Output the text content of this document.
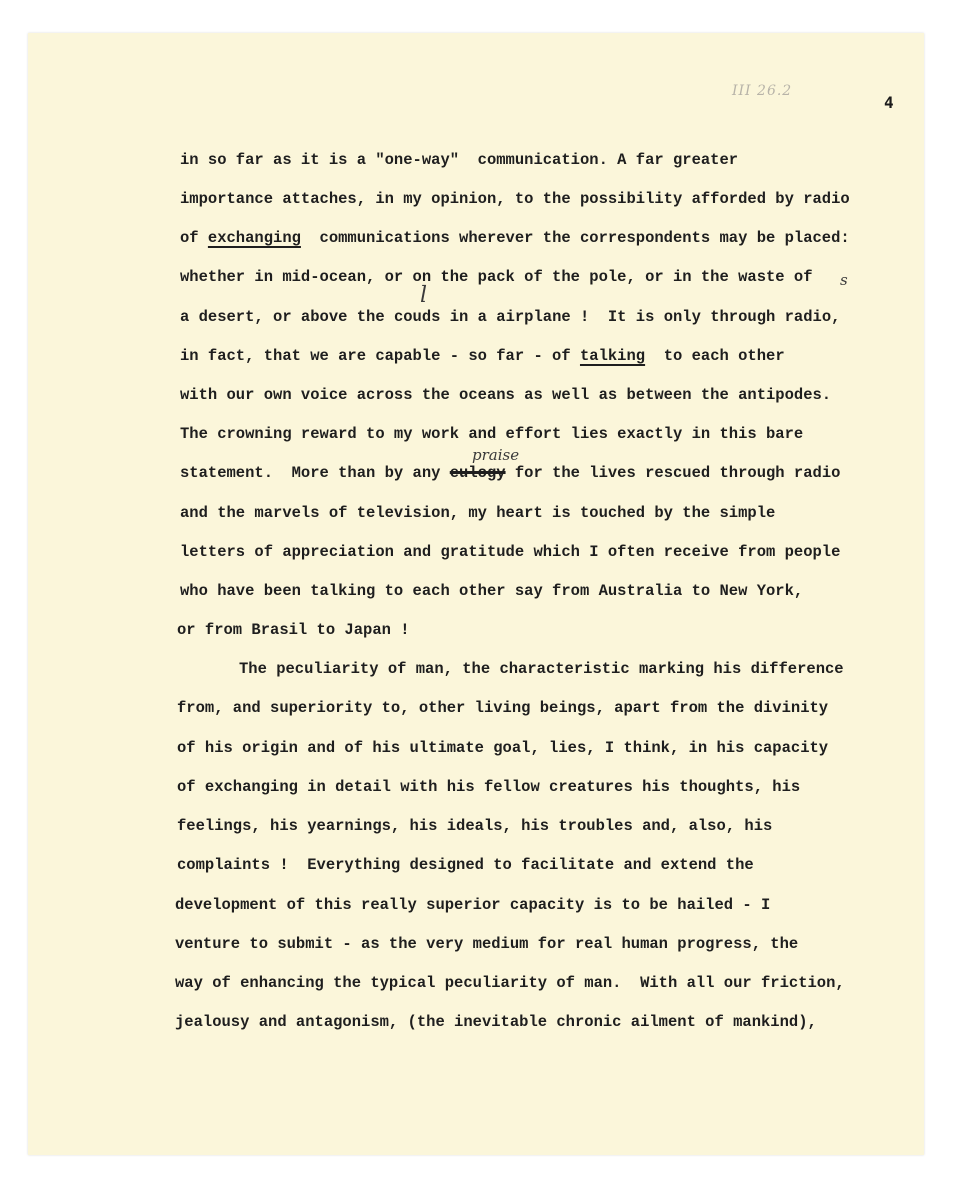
III 26.2
4
in so far as it is a "one-way"  communication. A far greater
importance attaches, in my opinion, to the possibility afforded by radio
of exchanging  communications wherever the correspondents may be placed:
whether in mid-ocean, or on the pack of the pole, or in the waste of s
a desert, or above the couds in a airplane !  It is only through radio,
l
in fact, that we are capable - so far - of talking  to each other
with our own voice across the oceans as well as between the antipodes.
The crowning reward to my work and effort lies exactly in this bare
praise
statement.  More than by any eulogy for the lives rescued through radio
and the marvels of television, my heart is touched by the simple
letters of appreciation and gratitude which I often receive from people
who have been talking to each other say from Australia to New York,
or from Brasil to Japan !
The peculiarity of man, the characteristic marking his difference
from, and superiority to, other living beings, apart from the divinity
of his origin and of his ultimate goal, lies, I think, in his capacity
of exchanging in detail with his fellow creatures his thoughts, his
feelings, his yearnings, his ideals, his troubles and, also, his
complaints !  Everything designed to facilitate and extend the
development of this really superior capacity is to be hailed - I
venture to submit - as the very medium for real human progress, the
way of enhancing the typical peculiarity of man.  With all our friction,
jealousy and antagonism, (the inevitable chronic ailment of mankind),
